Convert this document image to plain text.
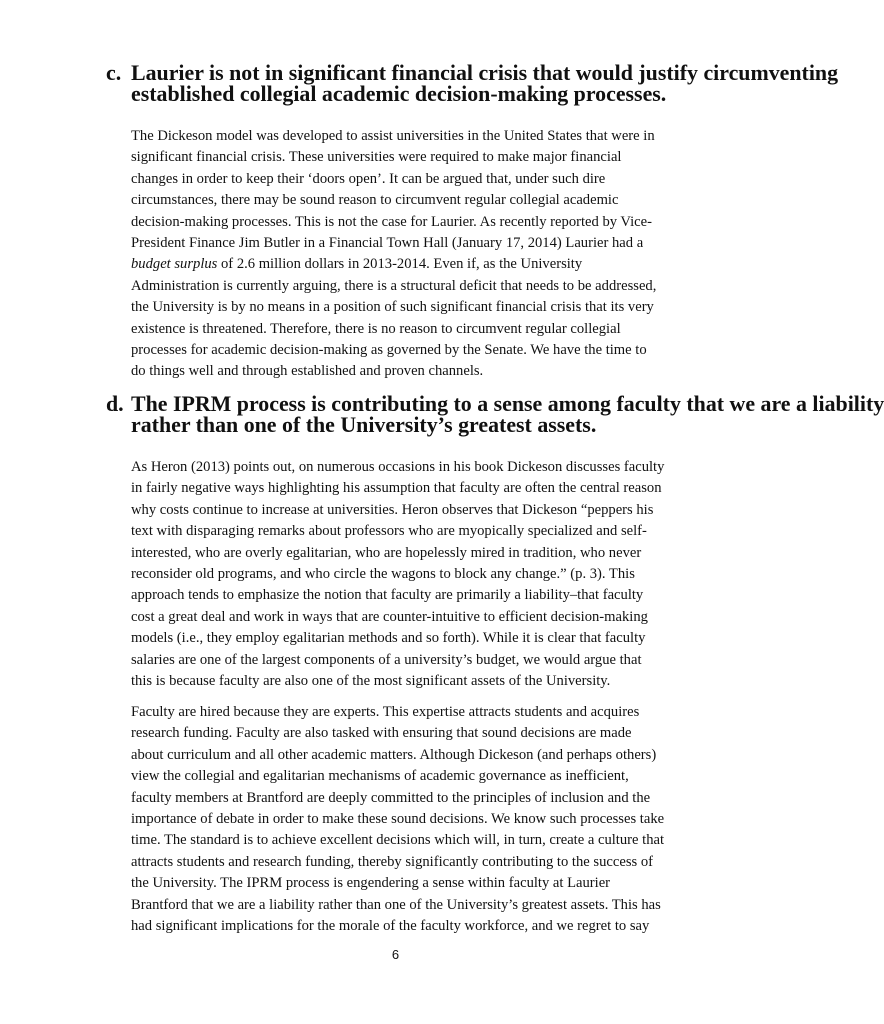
c. Laurier is not in significant financial crisis that would justify circumventing
established collegial academic decision-making processes.

The Dickeson model was developed to assist universities in the United States that were in
significant financial crisis. These universities were required to make major financial
changes in order to keep their ‘doors open’. It can be argued that, under such dire
circumstances, there may be sound reason to circumvent regular collegial academic
decision-making processes. This is not the case for Laurier. As recently reported by Vice-
President Finance Jim Butler in a Financial Town Hall (January 17, 2014) Laurier had a
budget surplus of 2.6 million dollars in 2013-2014. Even if, as the University
Administration is currently arguing, there is a structural deficit that needs to be addressed,
the University is by no means in a position of such significant financial crisis that its very
existence is threatened. Therefore, there is no reason to circumvent regular collegial
processes for academic decision-making as governed by the Senate. We have the time to
do things well and through established and proven channels.

d. The IPRM process is contributing to a sense among faculty that we are a liability
rather than one of the University’s greatest assets.

As Heron (2013) points out, on numerous occasions in his book Dickeson discusses faculty
in fairly negative ways highlighting his assumption that faculty are often the central reason
why costs continue to increase at universities. Heron observes that Dickeson “peppers his
text with disparaging remarks about professors who are myopically specialized and self-
interested, who are overly egalitarian, who are hopelessly mired in tradition, who never
reconsider old programs, and who circle the wagons to block any change.” (p. 3). This
approach tends to emphasize the notion that faculty are primarily a liability–that faculty
cost a great deal and work in ways that are counter-intuitive to efficient decision-making
models (i.e., they employ egalitarian methods and so forth). While it is clear that faculty
salaries are one of the largest components of a university’s budget, we would argue that
this is because faculty are also one of the most significant assets of the University.

Faculty are hired because they are experts. This expertise attracts students and acquires
research funding. Faculty are also tasked with ensuring that sound decisions are made
about curriculum and all other academic matters. Although Dickeson (and perhaps others)
view the collegial and egalitarian mechanisms of academic governance as inefficient,
faculty members at Brantford are deeply committed to the principles of inclusion and the
importance of debate in order to make these sound decisions. We know such processes take
time. The standard is to achieve excellent decisions which will, in turn, create a culture that
attracts students and research funding, thereby significantly contributing to the success of
the University. The IPRM process is engendering a sense within faculty at Laurier
Brantford that we are a liability rather than one of the University’s greatest assets. This has
had significant implications for the morale of the faculty workforce, and we regret to say

6
